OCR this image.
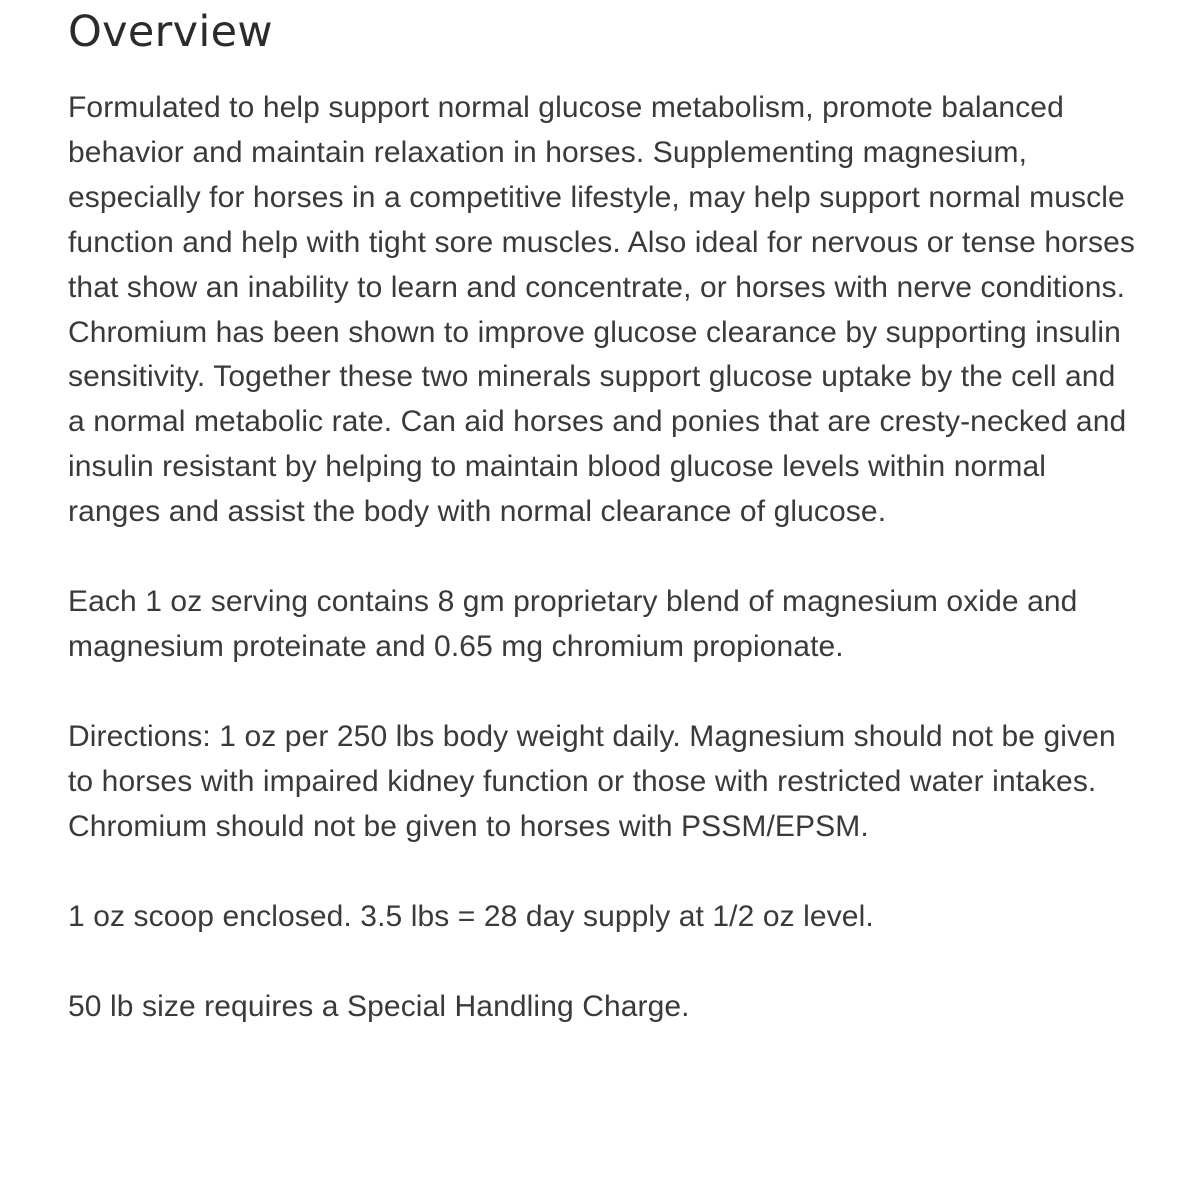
Overview

Formulated to help support normal glucose metabolism, promote balanced behavior and maintain relaxation in horses. Supplementing magnesium, especially for horses in a competitive lifestyle, may help support normal muscle function and help with tight sore muscles. Also ideal for nervous or tense horses that show an inability to learn and concentrate, or horses with nerve conditions. Chromium has been shown to improve glucose clearance by supporting insulin sensitivity. Together these two minerals support glucose uptake by the cell and a normal metabolic rate. Can aid horses and ponies that are cresty-necked and insulin resistant by helping to maintain blood glucose levels within normal ranges and assist the body with normal clearance of glucose.

Each 1 oz serving contains 8 gm proprietary blend of magnesium oxide and magnesium proteinate and 0.65 mg chromium propionate.

Directions: 1 oz per 250 lbs body weight daily. Magnesium should not be given to horses with impaired kidney function or those with restricted water intakes. Chromium should not be given to horses with PSSM/EPSM.

1 oz scoop enclosed. 3.5 lbs = 28 day supply at 1/2 oz level.

50 lb size requires a Special Handling Charge.
